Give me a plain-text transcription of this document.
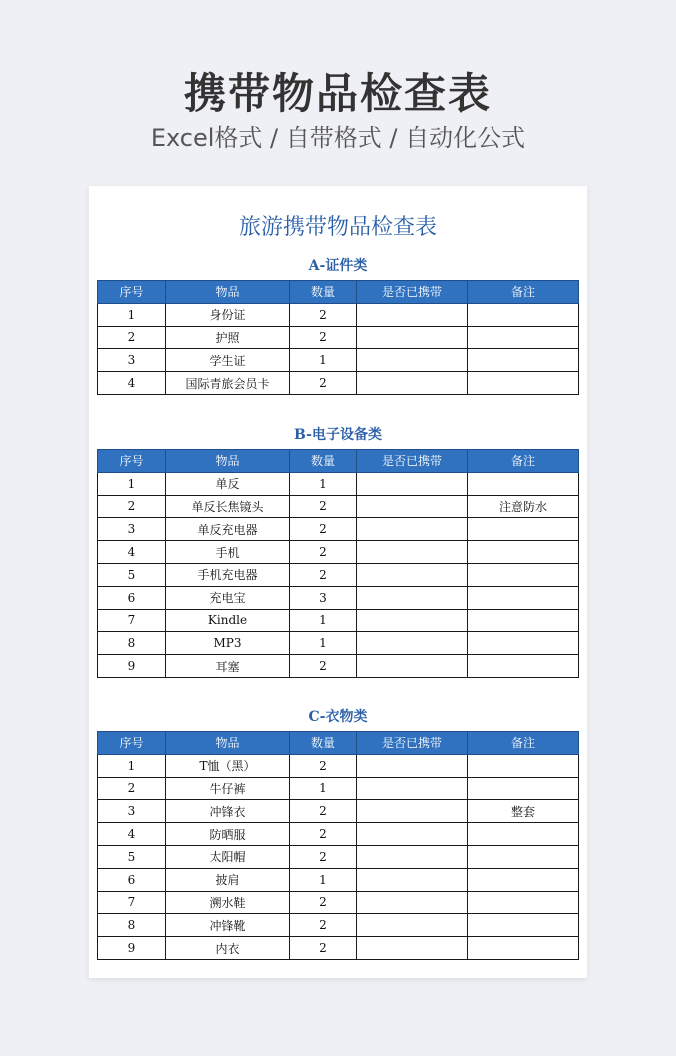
携带物品检查表
Excel格式 / 自带格式 / 自动化公式
旅游携带物品检查表
A-证件类
序号	物品	数量	是否已携带	备注
1	身份证	2		
2	护照	2		
3	学生证	1		
4	国际青旅会员卡	2		
B-电子设备类
序号	物品	数量	是否已携带	备注
1	单反	1		
2	单反长焦镜头	2		注意防水
3	单反充电器	2		
4	手机	2		
5	手机充电器	2		
6	充电宝	3		
7	Kindle	1		
8	MP3	1		
9	耳塞	2		
C-衣物类
序号	物品	数量	是否已携带	备注
1	T恤（黑）	2		
2	牛仔裤	1		
3	冲锋衣	2		整套
4	防晒服	2		
5	太阳帽	2		
6	披肩	1		
7	溯水鞋	2		
8	冲锋靴	2		
9	内衣	2		
